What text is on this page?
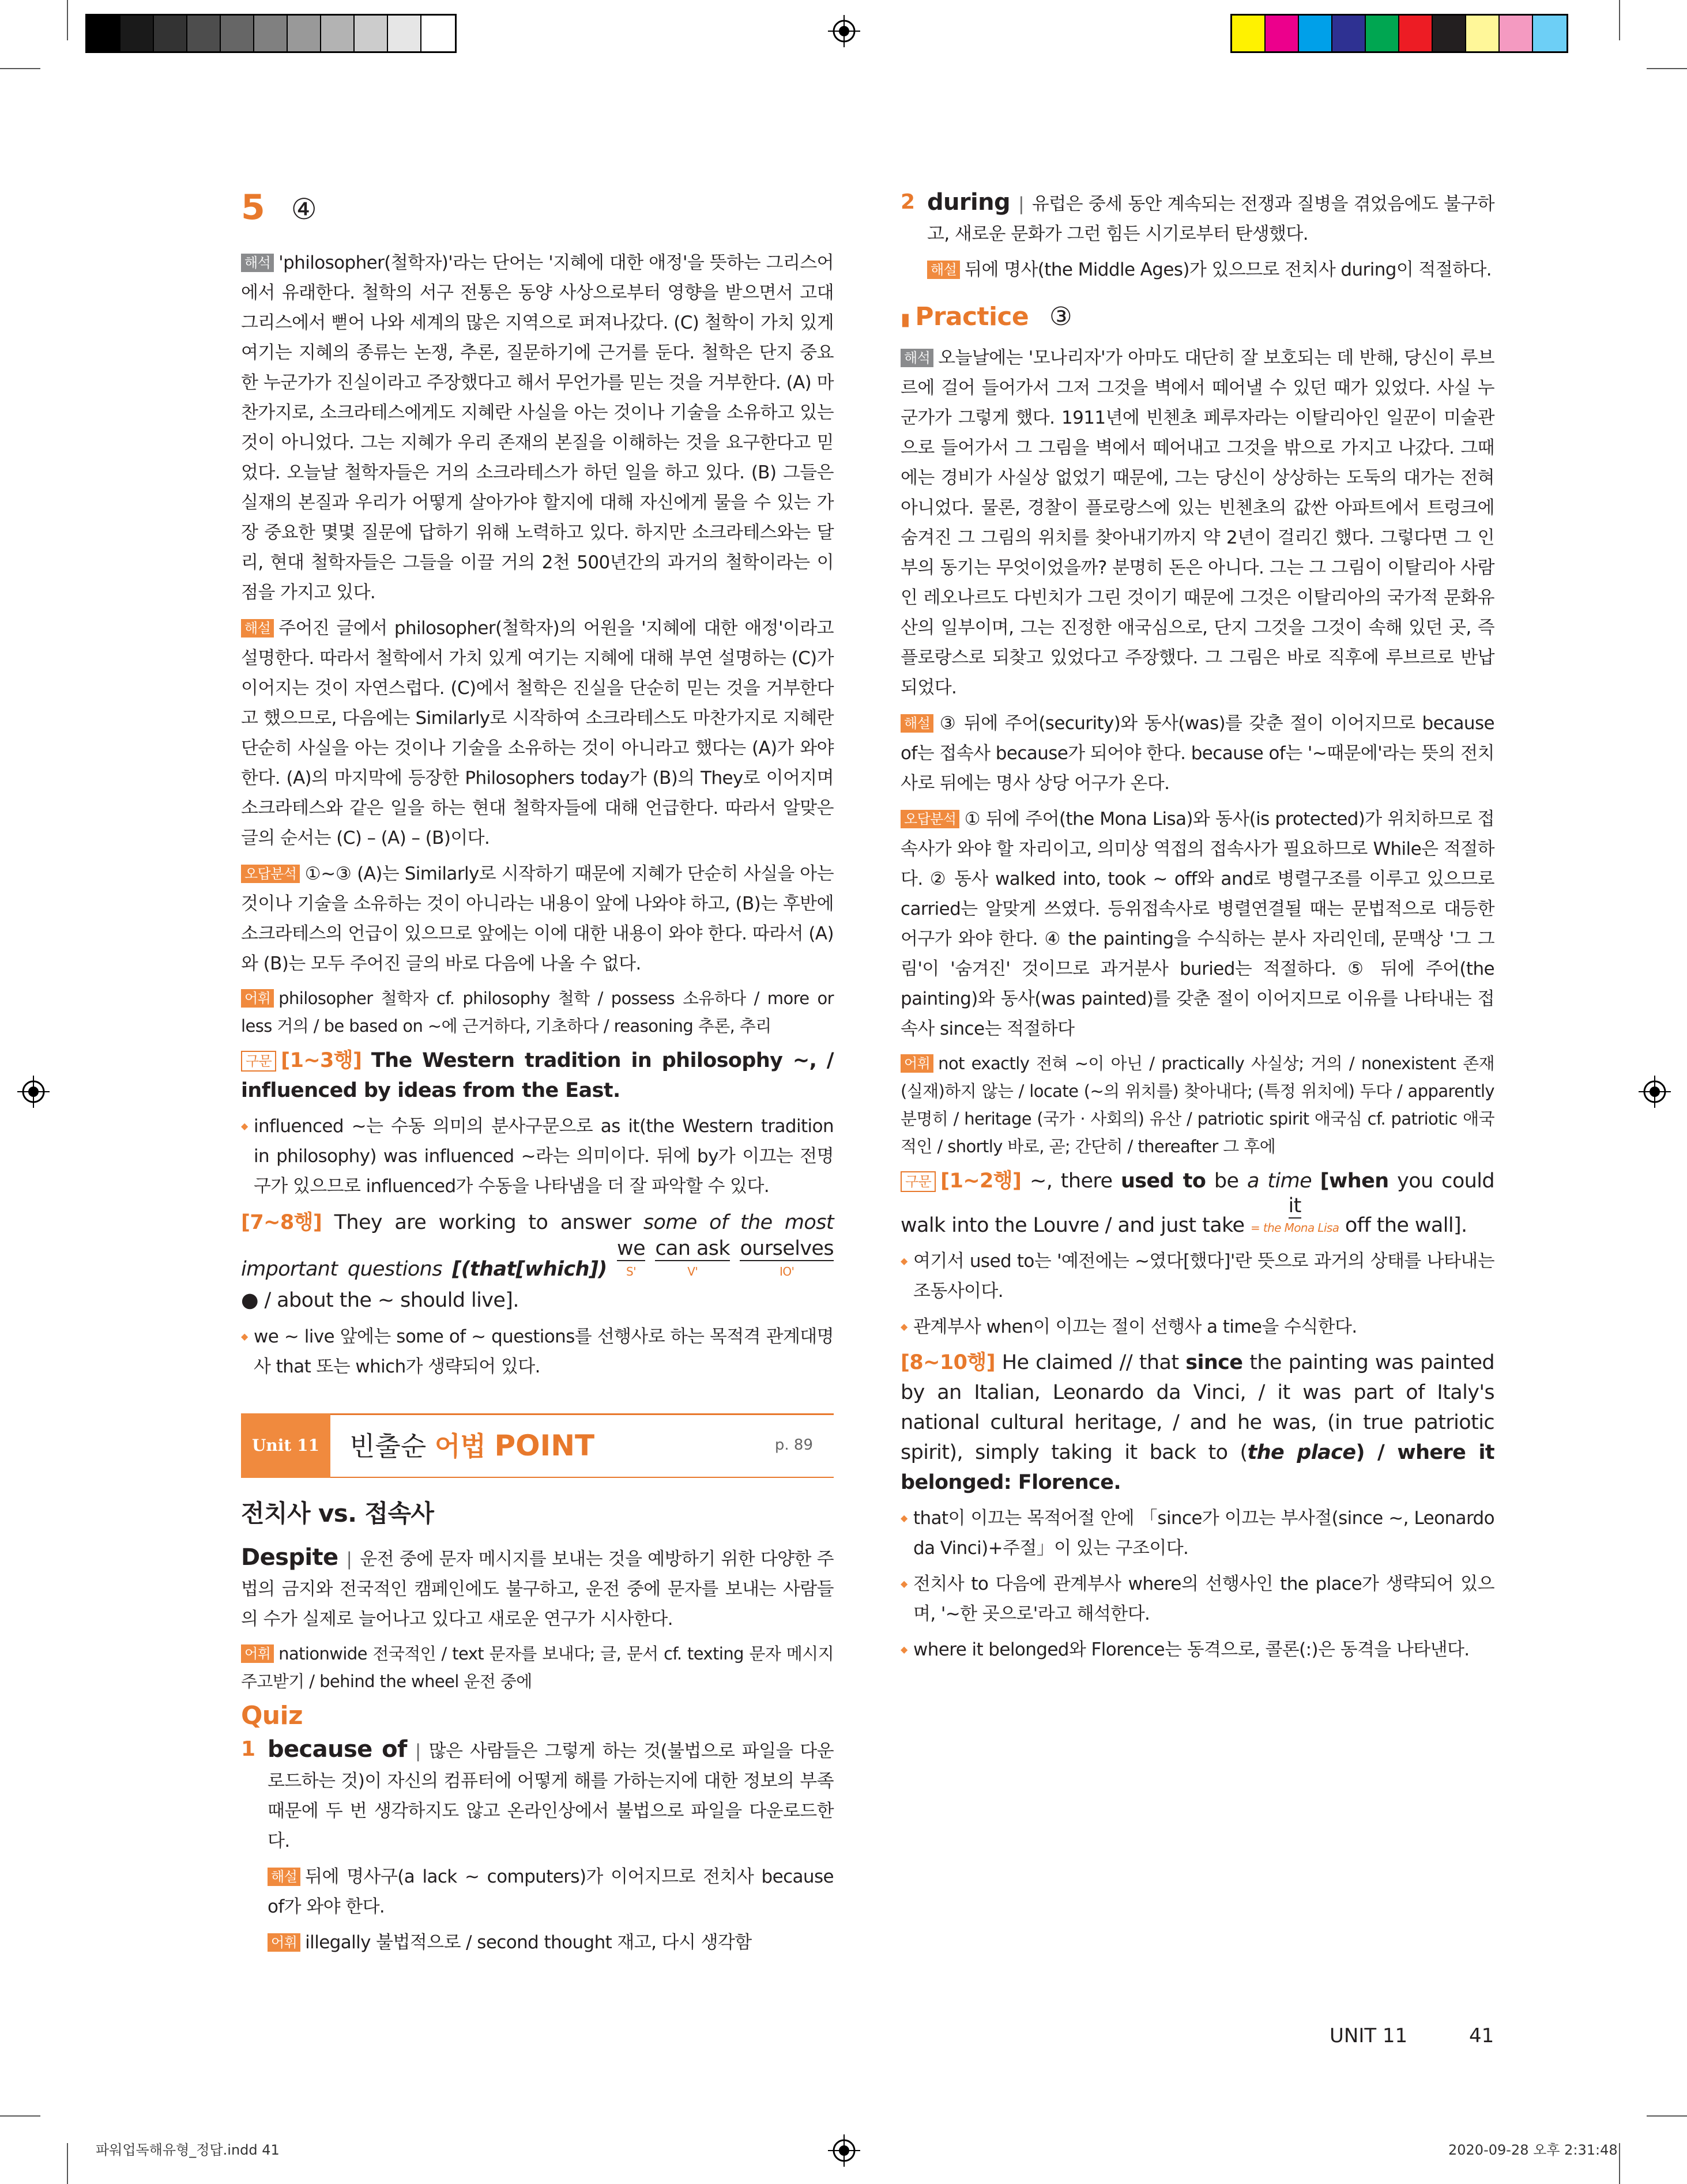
5 ④

해석 'philosopher(철학자)'라는 단어는 '지혜에 대한 애정'을 뜻하는 그리스어에서 유래한다. 철학의 서구 전통은 동양 사상으로부터 영향을 받으면서 고대 그리스에서 뻗어 나와 세계의 많은 지역으로 퍼져나갔다. (C) 철학이 가치 있게 여기는 지혜의 종류는 논쟁, 추론, 질문하기에 근거를 둔다. 철학은 단지 중요한 누군가가 진실이라고 주장했다고 해서 무언가를 믿는 것을 거부한다. (A) 마찬가지로, 소크라테스에게도 지혜란 사실을 아는 것이나 기술을 소유하고 있는 것이 아니었다. 그는 지혜가 우리 존재의 본질을 이해하는 것을 요구한다고 믿었다. 오늘날 철학자들은 거의 소크라테스가 하던 일을 하고 있다. (B) 그들은 실재의 본질과 우리가 어떻게 살아가야 할지에 대해 자신에게 물을 수 있는 가장 중요한 몇몇 질문에 답하기 위해 노력하고 있다. 하지만 소크라테스와는 달리, 현대 철학자들은 그들을 이끌 거의 2천 500년간의 과거의 철학이라는 이점을 가지고 있다.

해설 주어진 글에서 philosopher(철학자)의 어원을 '지혜에 대한 애정'이라고 설명한다. 따라서 철학에서 가치 있게 여기는 지혜에 대해 부연 설명하는 (C)가 이어지는 것이 자연스럽다. (C)에서 철학은 진실을 단순히 믿는 것을 거부한다고 했으므로, 다음에는 Similarly로 시작하여 소크라테스도 마찬가지로 지혜란 단순히 사실을 아는 것이나 기술을 소유하는 것이 아니라고 했다는 (A)가 와야 한다. (A)의 마지막에 등장한 Philosophers today가 (B)의 They로 이어지며 소크라테스와 같은 일을 하는 현대 철학자들에 대해 언급한다. 따라서 알맞은 글의 순서는 (C) – (A) – (B)이다.

오답분석 ①~③ (A)는 Similarly로 시작하기 때문에 지혜가 단순히 사실을 아는 것이나 기술을 소유하는 것이 아니라는 내용이 앞에 나와야 하고, (B)는 후반에 소크라테스의 언급이 있으므로 앞에는 이에 대한 내용이 와야 한다. 따라서 (A)와 (B)는 모두 주어진 글의 바로 다음에 나올 수 없다.

어휘 philosopher 철학자 cf. philosophy 철학 / possess 소유하다 / more or less 거의 / be based on ~에 근거하다, 기초하다 / reasoning 추론, 추리

구문 [1~3행] The Western tradition in philosophy ~, / influenced by ideas from the East.

◆ influenced ~는 수동 의미의 분사구문으로 as it(the Western tradition in philosophy) was influenced ~라는 의미이다. 뒤에 by가 이끄는 전명구가 있으므로 influenced가 수동을 나타냄을 더 잘 파악할 수 있다.

[7~8행] They are working to answer some of the most important questions [(that[which]) we
S' can ask
V' ourselves
IO' ● / about the ~ should live].

◆ we ~ live 앞에는 some of ~ questions를 선행사로 하는 목적격 관계대명사 that 또는 which가 생략되어 있다.

Unit 11	빈출순 어법 POINT	p. 89

전치사 vs. 접속사

Despite | 운전 중에 문자 메시지를 보내는 것을 예방하기 위한 다양한 주법의 금지와 전국적인 캠페인에도 불구하고, 운전 중에 문자를 보내는 사람들의 수가 실제로 늘어나고 있다고 새로운 연구가 시사한다.

어휘 nationwide 전국적인 / text 문자를 보내다; 글, 문서 cf. texting 문자 메시지 주고받기 / behind the wheel 운전 중에

Quiz

1 because of | 많은 사람들은 그렇게 하는 것(불법으로 파일을 다운로드하는 것)이 자신의 컴퓨터에 어떻게 해를 가하는지에 대한 정보의 부족 때문에 두 번 생각하지도 않고 온라인상에서 불법으로 파일을 다운로드한다.

해설 뒤에 명사구(a lack ~ computers)가 이어지므로 전치사 because of가 와야 한다.

어휘 illegally 불법적으로 / second thought 재고, 다시 생각함

2 during | 유럽은 중세 동안 계속되는 전쟁과 질병을 겪었음에도 불구하고, 새로운 문화가 그런 힘든 시기로부터 탄생했다.

해설 뒤에 명사(the Middle Ages)가 있으므로 전치사 during이 적절하다.

▮ Practice ③

해석 오늘날에는 '모나리자'가 아마도 대단히 잘 보호되는 데 반해, 당신이 루브르에 걸어 들어가서 그저 그것을 벽에서 떼어낼 수 있던 때가 있었다. 사실 누군가가 그렇게 했다. 1911년에 빈첸초 페루자라는 이탈리아인 일꾼이 미술관으로 들어가서 그 그림을 벽에서 떼어내고 그것을 밖으로 가지고 나갔다. 그때에는 경비가 사실상 없었기 때문에, 그는 당신이 상상하는 도둑의 대가는 전혀 아니었다. 물론, 경찰이 플로랑스에 있는 빈첸초의 값싼 아파트에서 트렁크에 숨겨진 그 그림의 위치를 찾아내기까지 약 2년이 걸리긴 했다. 그렇다면 그 인부의 동기는 무엇이었을까? 분명히 돈은 아니다. 그는 그 그림이 이탈리아 사람인 레오나르도 다빈치가 그린 것이기 때문에 그것은 이탈리아의 국가적 문화유산의 일부이며, 그는 진정한 애국심으로, 단지 그것을 그것이 속해 있던 곳, 즉 플로랑스로 되찾고 있었다고 주장했다. 그 그림은 바로 직후에 루브르로 반납되었다.

해설 ③ 뒤에 주어(security)와 동사(was)를 갖춘 절이 이어지므로 because of는 접속사 because가 되어야 한다. because of는 '~때문에'라는 뜻의 전치사로 뒤에는 명사 상당 어구가 온다.

오답분석 ① 뒤에 주어(the Mona Lisa)와 동사(is protected)가 위치하므로 접속사가 와야 할 자리이고, 의미상 역접의 접속사가 필요하므로 While은 적절하다. ② 동사 walked into, took ~ off와 and로 병렬구조를 이루고 있으므로 carried는 알맞게 쓰였다. 등위접속사로 병렬연결될 때는 문법적으로 대등한 어구가 와야 한다. ④ the painting을 수식하는 분사 자리인데, 문맥상 '그 그림'이 '숨겨진' 것이므로 과거분사 buried는 적절하다. ⑤ 뒤에 주어(the painting)와 동사(was painted)를 갖춘 절이 이어지므로 이유를 나타내는 접속사 since는 적절하다

어휘 not exactly 전혀 ~이 아닌 / practically 사실상; 거의 / nonexistent 존재(실재)하지 않는 / locate (~의 위치를) 찾아내다; (특정 위치에) 두다 / apparently 분명히 / heritage (국가 · 사회의) 유산 / patriotic spirit 애국심 cf. patriotic 애국적인 / shortly 바로, 곧; 간단히 / thereafter 그 후에

구문 [1~2행] ~, there used to be a time [when you could walk into the Louvre / and just take it
= the Mona Lisa off the wall].

◆ 여기서 used to는 '예전에는 ~였다[했다]'란 뜻으로 과거의 상태를 나타내는 조동사이다.

◆ 관계부사 when이 이끄는 절이 선행사 a time을 수식한다.

[8~10행] He claimed // that since the painting was painted by an Italian, Leonardo da Vinci, / it was part of Italy's national cultural heritage, / and he was, (in true patriotic spirit), simply taking it back to (the place) / where it belonged: Florence.

◆ that이 이끄는 목적어절 안에 「since가 이끄는 부사절(since ~, Leonardo da Vinci)+주절」이 있는 구조이다.

◆ 전치사 to 다음에 관계부사 where의 선행사인 the place가 생략되어 있으며, '~한 곳으로'라고 해석한다.

◆ where it belonged와 Florence는 동격으로, 콜론(:)은 동격을 나타낸다.

UNIT 11	41
파워업독해유형_정답.indd 41	2020-09-28 오후 2:31:48
